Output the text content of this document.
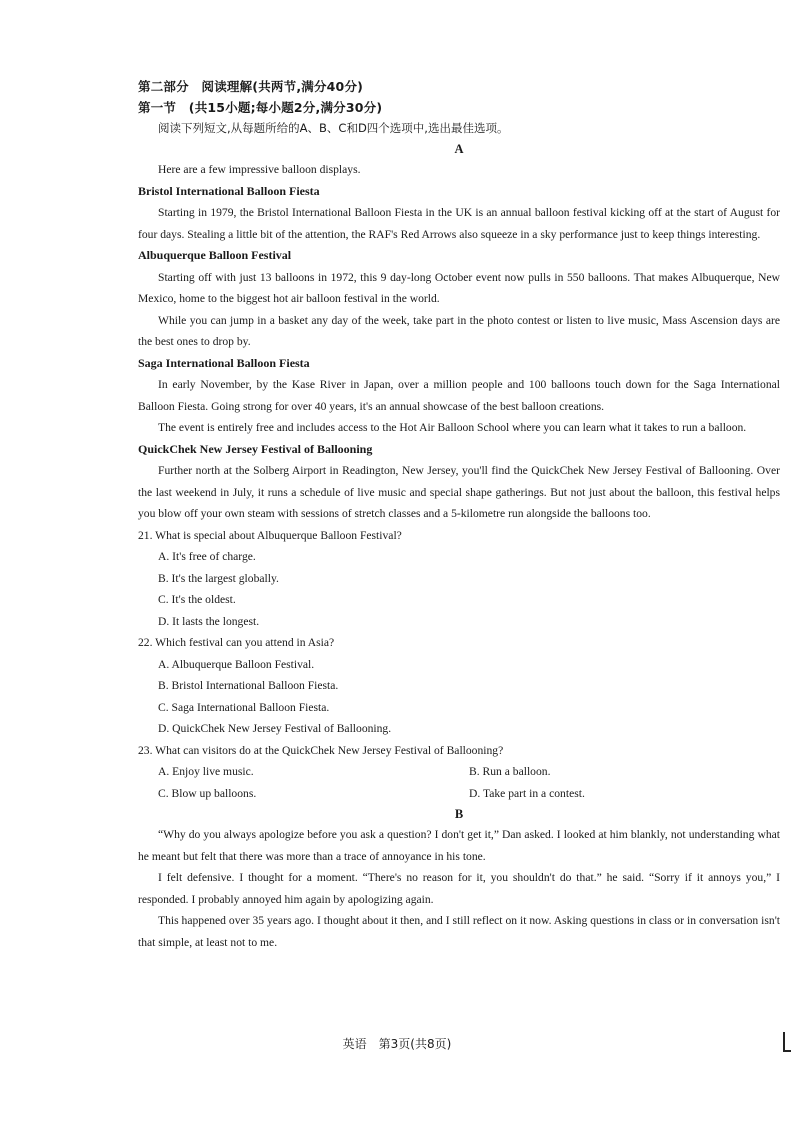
第二部分　阅读理解(共两节,满分40分)
第一节　(共15小题;每小题2分,满分30分)
阅读下列短文,从每题所给的A、B、C和D四个选项中,选出最佳选项。
A

Here are a few impressive balloon displays.

Bristol International Balloon Fiesta

Starting in 1979, the Bristol International Balloon Fiesta in the UK is an annual balloon festival kicking off at the start of August for four days. Stealing a little bit of the attention, the RAF's Red Arrows also squeeze in a sky performance just to keep things interesting.

Albuquerque Balloon Festival

Starting off with just 13 balloons in 1972, this 9 day-long October event now pulls in 550 balloons. That makes Albuquerque, New Mexico, home to the biggest hot air balloon festival in the world.

While you can jump in a basket any day of the week, take part in the photo contest or listen to live music, Mass Ascension days are the best ones to drop by.

Saga International Balloon Fiesta

In early November, by the Kase River in Japan, over a million people and 100 balloons touch down for the Saga International Balloon Fiesta. Going strong for over 40 years, it's an annual showcase of the best balloon creations.

The event is entirely free and includes access to the Hot Air Balloon School where you can learn what it takes to run a balloon.

QuickChek New Jersey Festival of Ballooning

Further north at the Solberg Airport in Readington, New Jersey, you'll find the QuickChek New Jersey Festival of Ballooning. Over the last weekend in July, it runs a schedule of live music and special shape gatherings. But not just about the balloon, this festival helps you blow off your own steam with sessions of stretch classes and a 5-kilometre run alongside the balloons too.

21. What is special about Albuquerque Balloon Festival?

A. It's free of charge.

B. It's the largest globally.

C. It's the oldest.

D. It lasts the longest.

22. Which festival can you attend in Asia?

A. Albuquerque Balloon Festival.

B. Bristol International Balloon Fiesta.

C. Saga International Balloon Fiesta.

D. QuickChek New Jersey Festival of Ballooning.

23. What can visitors do at the QuickChek New Jersey Festival of Ballooning?

A. Enjoy live music.	B. Run a balloon.
C. Blow up balloons.	D. Take part in a contest.
B

“Why do you always apologize before you ask a question? I don't get it,” Dan asked. I looked at him blankly, not understanding what he meant but felt that there was more than a trace of annoyance in his tone.

I felt defensive. I thought for a moment. “There's no reason for it, you shouldn't do that.” he said. “Sorry if it annoys you,” I responded. I probably annoyed him again by apologizing again.

This happened over 35 years ago. I thought about it then, and I still reflect on it now. Asking questions in class or in conversation isn't that simple, at least not to me.

英语　第3页(共8页)
